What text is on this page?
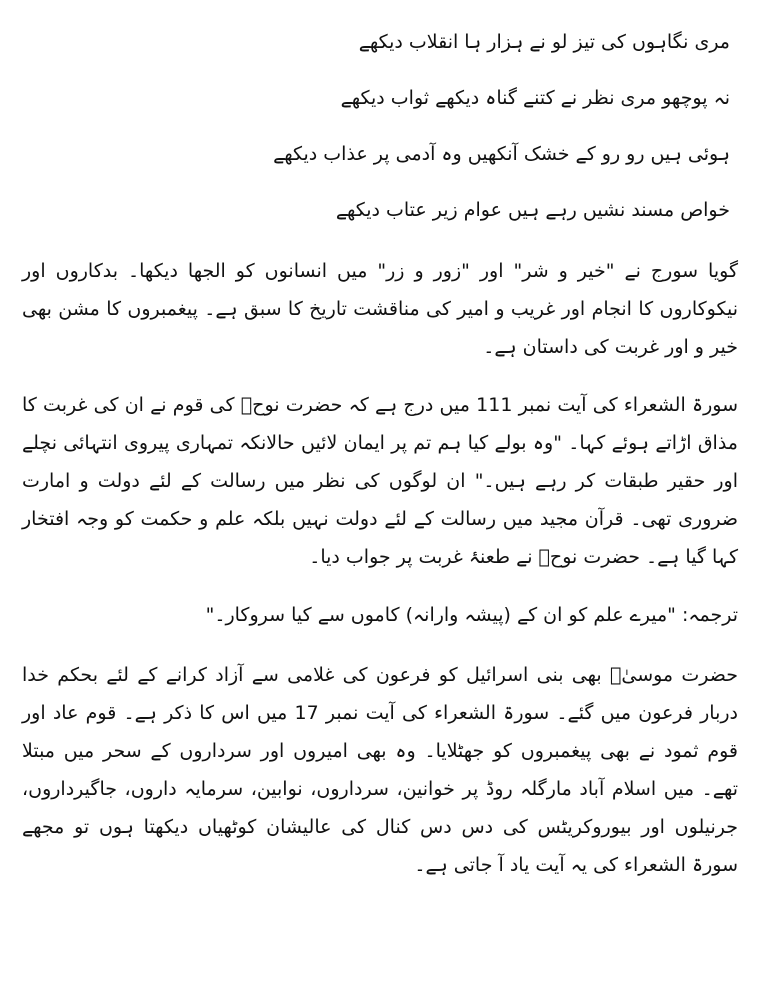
مری نگاہوں کی تیز لو نے ہزار ہا انقلاب دیکھے

نہ پوچھو مری نظر نے کتنے گناہ دیکھے ثواب دیکھے

ہوئی ہیں رو رو کے خشک آنکھیں وہ آدمی پر عذاب دیکھے

خواص مسند نشیں رہے ہیں عوام زیر عتاب دیکھے

گویا سورج نے "خیر و شر" اور "زور و زر" میں انسانوں کو الجھا دیکھا۔ بدکاروں اور نیکوکاروں کا انجام اور غریب و امیر کی مناقشت تاریخ کا سبق ہے۔ پیغمبروں کا مشن بھی خیر و اور غربت کی داستان ہے۔

سورۃ الشعراء کی آیت نمبر 111 میں درج ہے کہ حضرت نوحؑ کی قوم نے ان کی غربت کا مذاق اڑاتے ہوئے کہا۔ "وہ بولے کیا ہم تم پر ایمان لائیں حالانکہ تمہاری پیروی انتہائی نچلے اور حقیر طبقات کر رہے ہیں۔" ان لوگوں کی نظر میں رسالت کے لئے دولت و امارت ضروری تھی۔ قرآن مجید میں رسالت کے لئے دولت نہیں بلکہ علم و حکمت کو وجہ افتخار کہا گیا ہے۔ حضرت نوحؑ نے طعنۂ غربت پر جواب دیا۔

ترجمہ: "میرے علم کو ان کے (پیشہ وارانہ) کاموں سے کیا سروکار۔"

حضرت موسیٰؑ بھی بنی اسرائیل کو فرعون کی غلامی سے آزاد کرانے کے لئے بحکم خدا دربار فرعون میں گئے۔ سورۃ الشعراء کی آیت نمبر 17 میں اس کا ذکر ہے۔ قوم عاد اور قوم ثمود نے بھی پیغمبروں کو جھٹلایا۔ وہ بھی امیروں اور سرداروں کے سحر میں مبتلا تھے۔ میں اسلام آباد مارگلہ روڈ پر خوانین، سرداروں، نوابین، سرمایہ داروں، جاگیرداروں، جرنیلوں اور بیوروکریٹس کی دس دس کنال کی عالیشان کوٹھیاں دیکھتا ہوں تو مجھے سورۃ الشعراء کی یہ آیت یاد آ جاتی ہے۔
